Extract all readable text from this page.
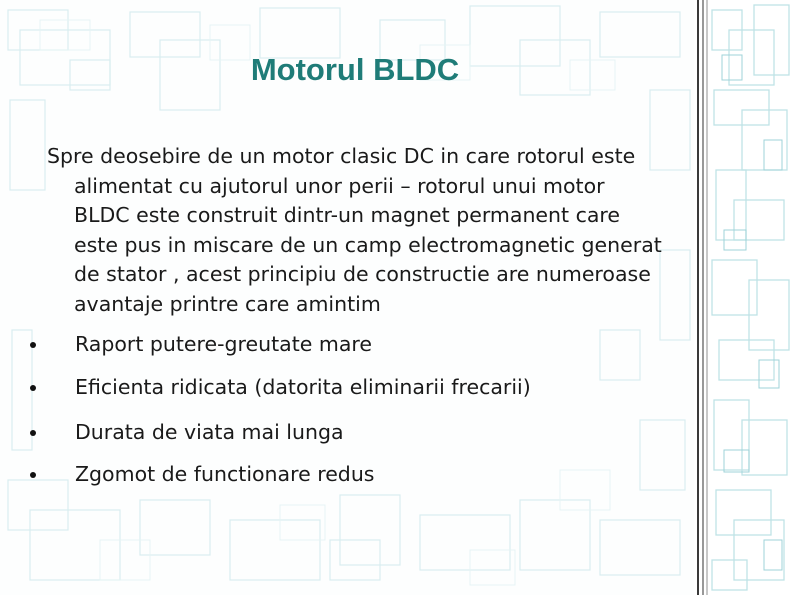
Motorul BLDC

Spre deosebire de un motor clasic DC in care rotorul este
alimentat cu ajutorul unor perii – rotorul unui motor
BLDC este construit dintr-un magnet permanent care
este pus in miscare de un camp electromagnetic generat
de stator , acest principiu de constructie are numeroase
avantaje printre care amintim

Raport putere-greutate mare
Eficienta ridicata (datorita eliminarii frecarii)
Durata de viata mai lunga
Zgomot de functionare redus
